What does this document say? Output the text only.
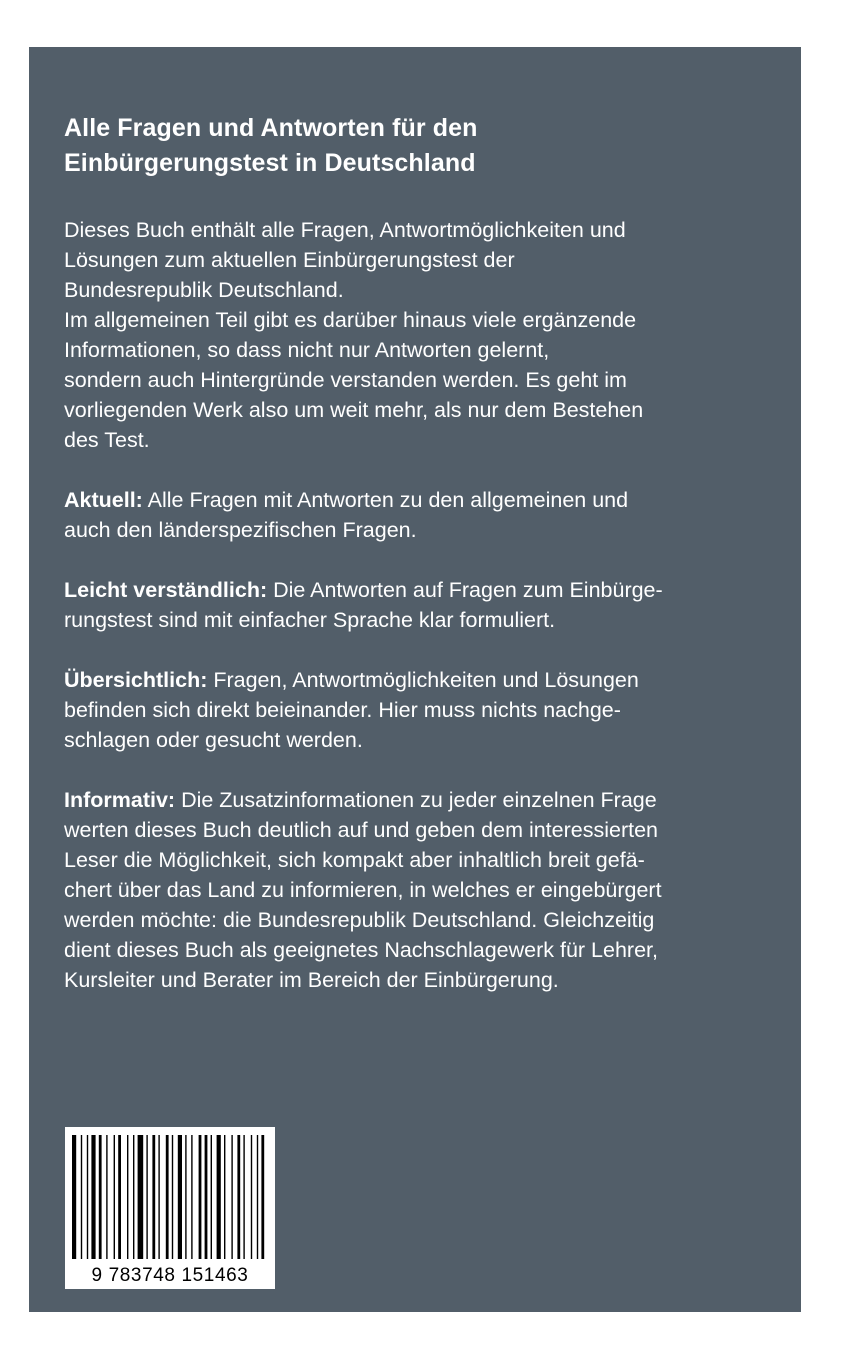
Alle Fragen und Antworten für den
Einbürgerungstest in Deutschland
Dieses Buch enthält alle Fragen, Antwortmöglichkeiten und
Lösungen zum aktuellen Einbürgerungstest der
Bundesrepublik Deutschland.
Im allgemeinen Teil gibt es darüber hinaus viele ergänzende
Informationen, so dass nicht nur Antworten gelernt,
sondern auch Hintergründe verstanden werden. Es geht im
vorliegenden Werk also um weit mehr, als nur dem Bestehen
des Test.
Aktuell: Alle Fragen mit Antworten zu den allgemeinen und
auch den länderspezifischen Fragen.
Leicht verständlich: Die Antworten auf Fragen zum Einbürge-
rungstest sind mit einfacher Sprache klar formuliert.
Übersichtlich: Fragen, Antwortmöglichkeiten und Lösungen
befinden sich direkt beieinander. Hier muss nichts nachge-
schlagen oder gesucht werden.
Informativ: Die Zusatzinformationen zu jeder einzelnen Frage
werten dieses Buch deutlich auf und geben dem interessierten
Leser die Möglichkeit, sich kompakt aber inhaltlich breit gefä-
chert über das Land zu informieren, in welches er eingebürgert
werden möchte: die Bundesrepublik Deutschland. Gleichzeitig
dient dieses Buch als geeignetes Nachschlagewerk für Lehrer,
Kursleiter und Berater im Bereich der Einbürgerung.
9 783748 151463
